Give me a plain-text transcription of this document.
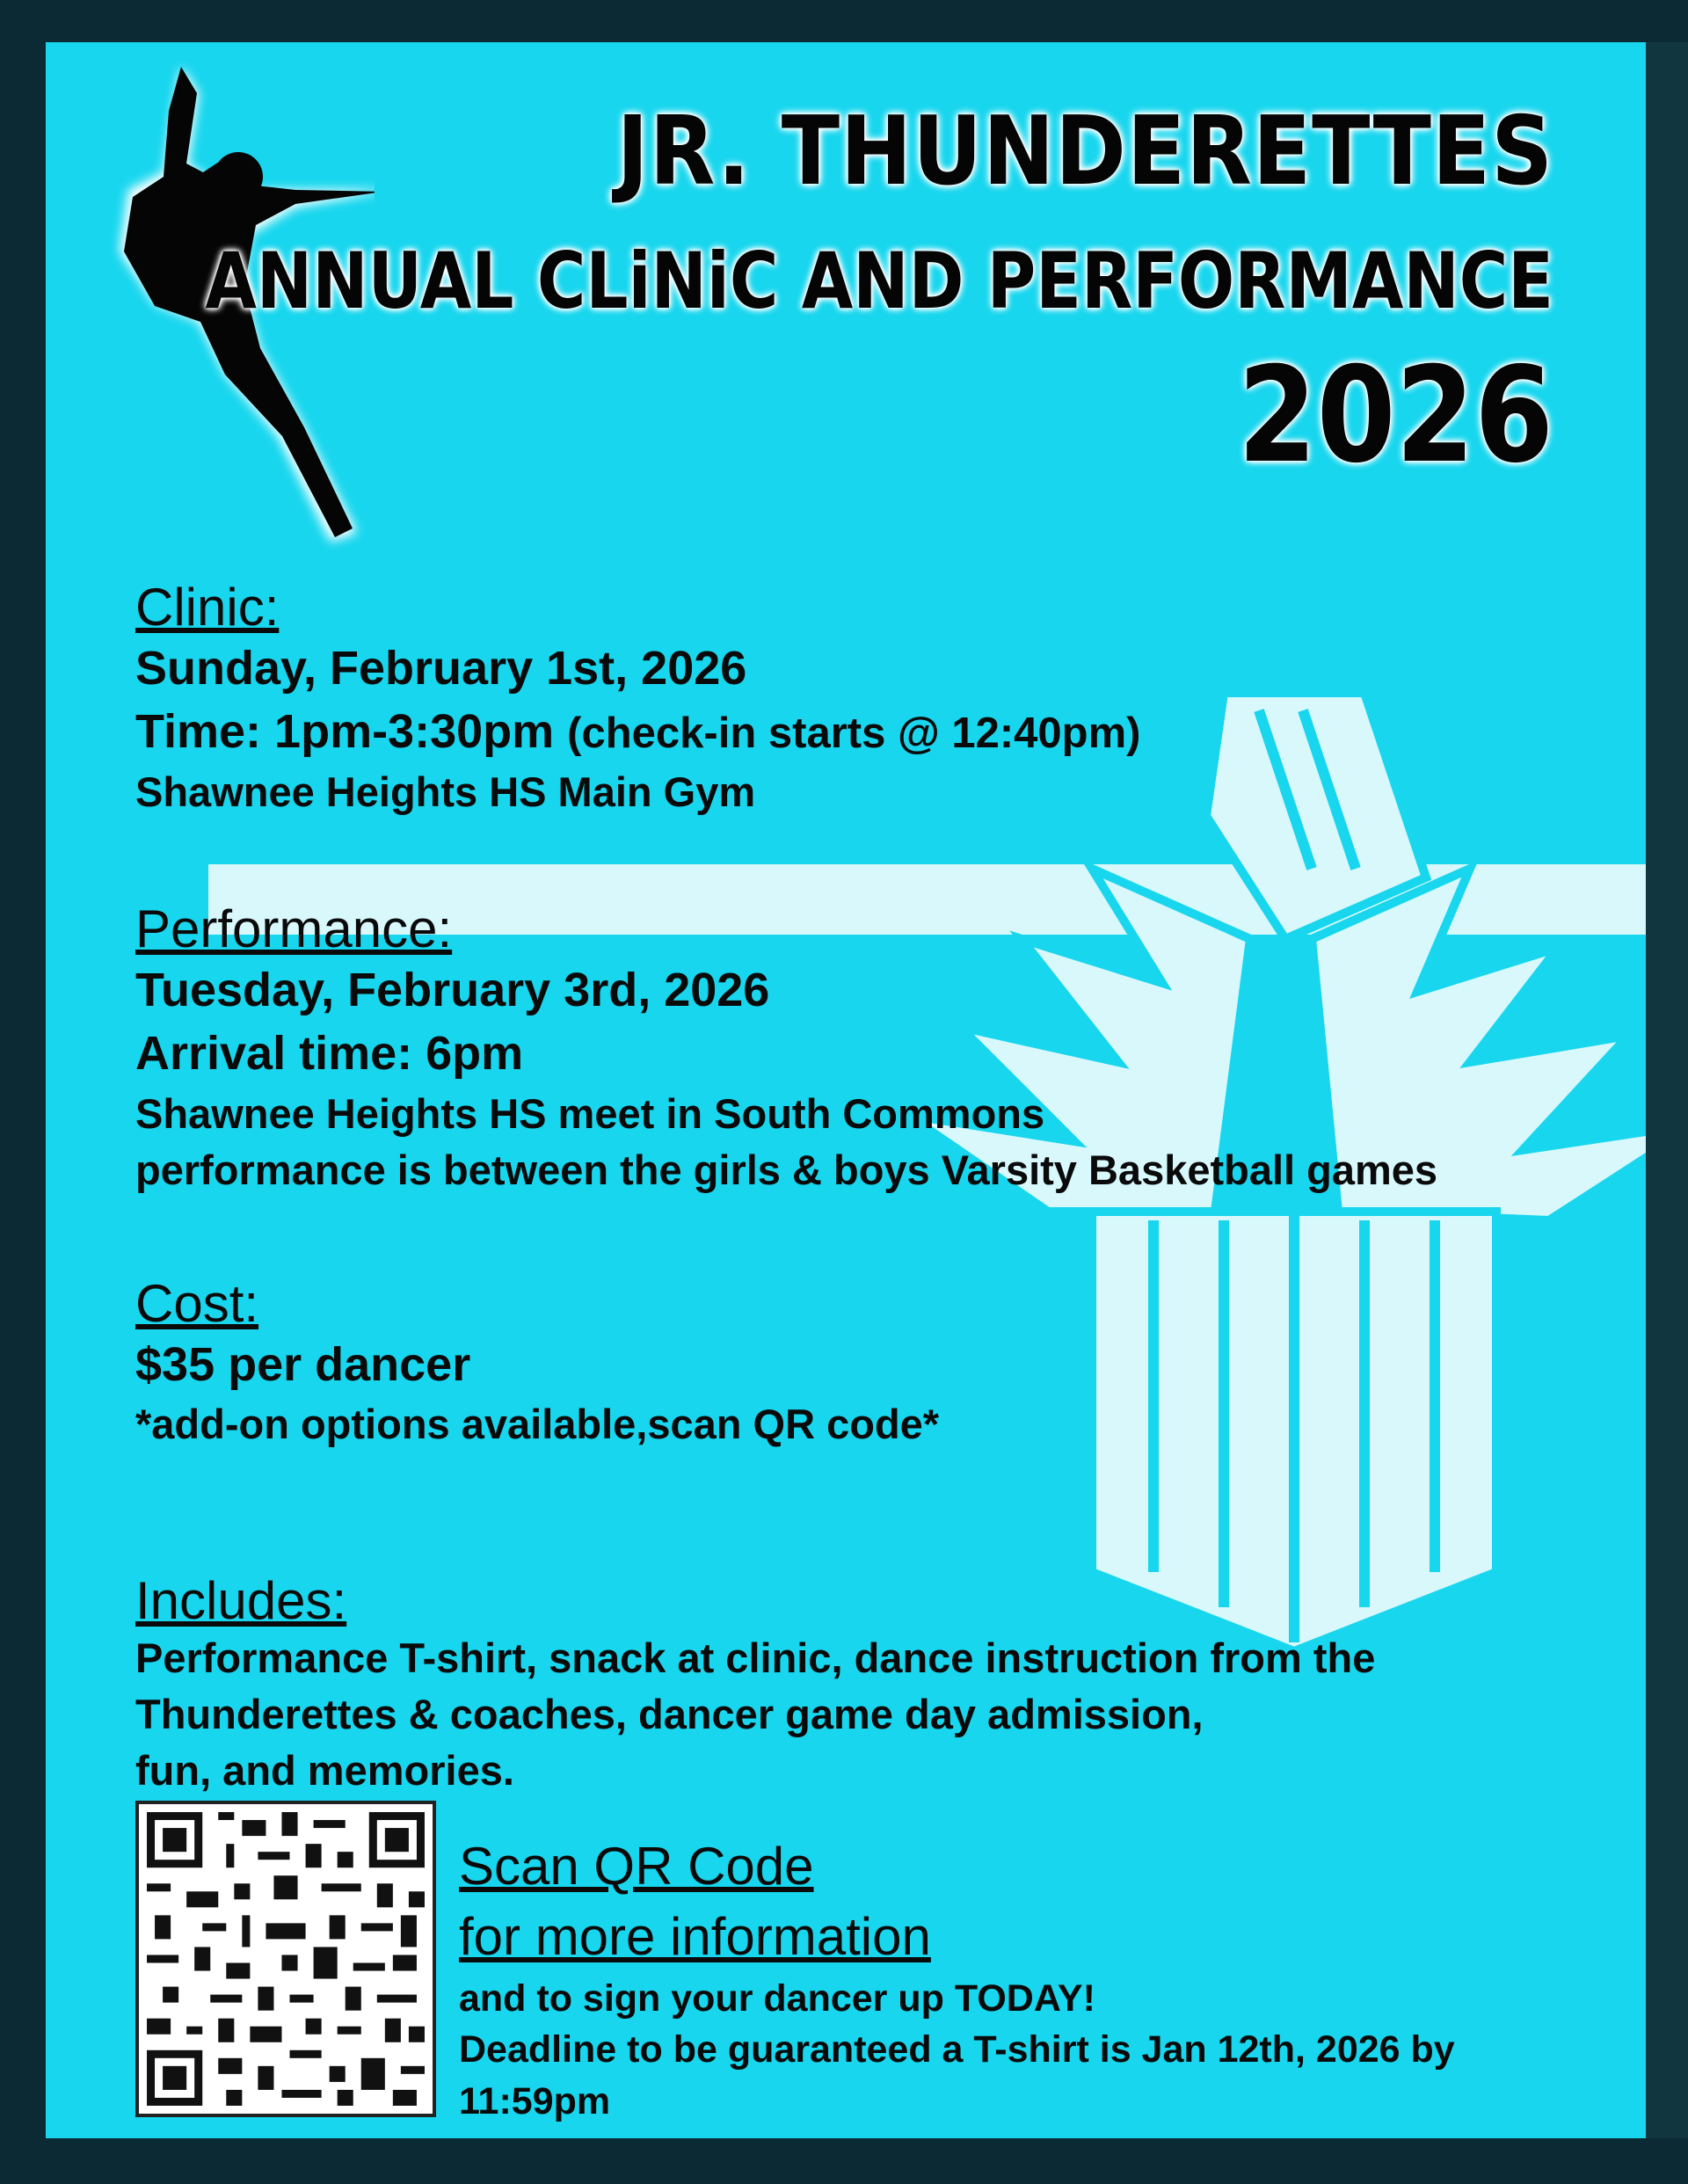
JR. THUNDERETTES
ANNUAL CLiNiC AND PERFORMANCE
2026

Clinic:

Sunday, February 1st, 2026

Time: 1pm-3:30pm (check-in starts @ 12:40pm)

Shawnee Heights HS Main Gym

Performance:

Tuesday, February 3rd, 2026

Arrival time: 6pm

Shawnee Heights HS meet in South Commons

performance is between the girls & boys Varsity Basketball games

Cost:

$35 per dancer

*add-on options available,scan QR code*

Includes:

Performance T-shirt, snack at clinic, dance instruction from the

Thunderettes & coaches, dancer game day admission,

fun, and memories.

Scan QR Code

for more information

and to sign your dancer up TODAY!

Deadline to be guaranteed a T-shirt is Jan 12th, 2026 by

11:59pm
